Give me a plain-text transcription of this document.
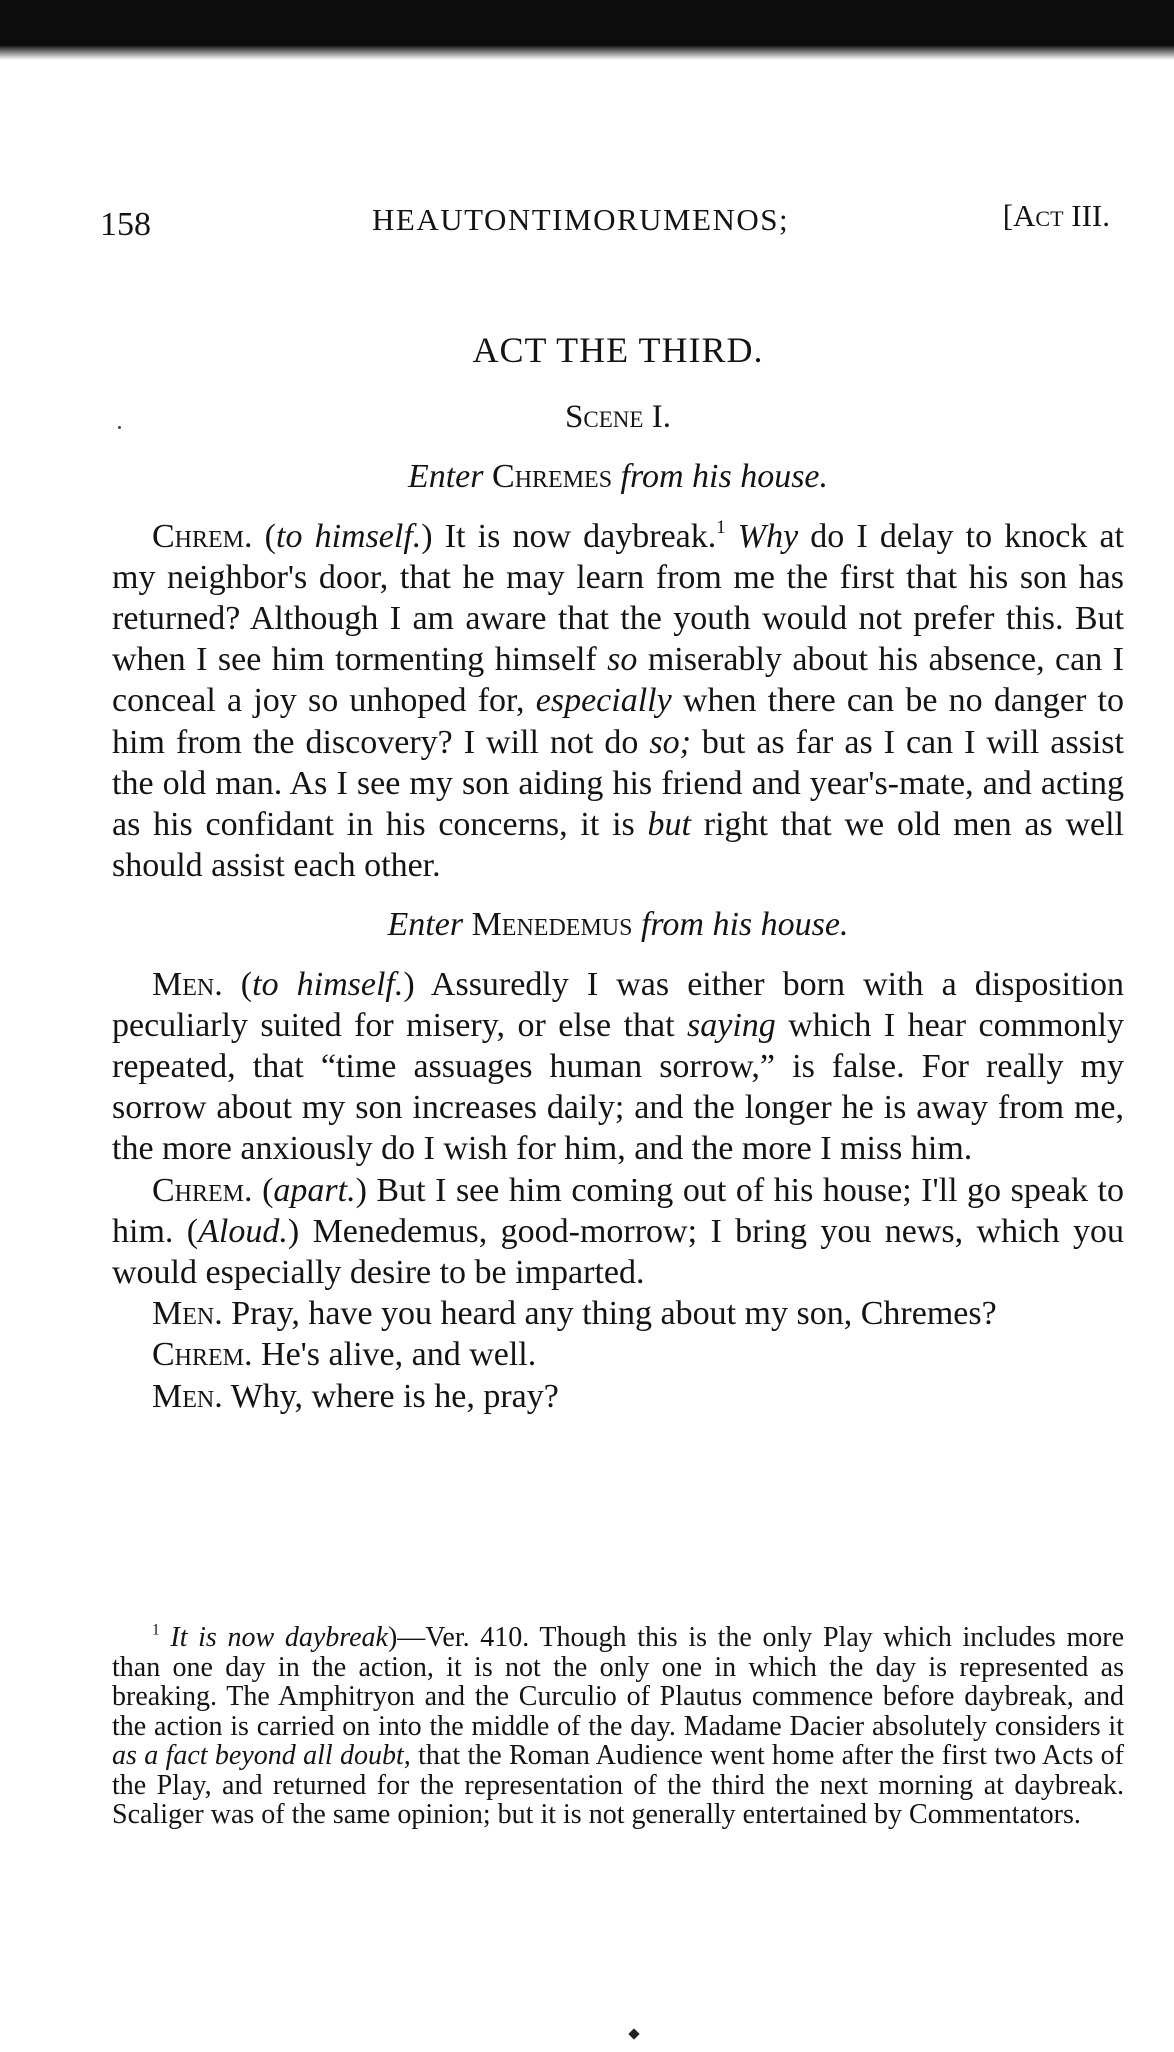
158	HEAUTONTIMORUMENOS;	[Act III.
ACT THE THIRD.
Scene I.
Enter Chremes from his house.

Chrem. (to himself.) It is now daybreak.$^1$ Why do I delay to knock at my neighbor's door, that he may learn from me the first that his son has returned? Although I am aware that the youth would not prefer this. But when I see him tormenting himself so miserably about his absence, can I conceal a joy so unhoped for, especially when there can be no danger to him from the discovery? I will not do so; but as far as I can I will assist the old man. As I see my son aiding his friend and year's-mate, and acting as his confidant in his concerns, it is but right that we old men as well should assist each other.

Enter Menedemus from his house.

Men. (to himself.) Assuredly I was either born with a disposition peculiarly suited for misery, or else that saying which I hear commonly repeated, that “time assuages human sorrow,” is false. For really my sorrow about my son increases daily; and the longer he is away from me, the more anxiously do I wish for him, and the more I miss him.

Chrem. (apart.) But I see him coming out of his house; I'll go speak to him. (Aloud.) Menedemus, good-morrow; I bring you news, which you would especially desire to be imparted.

Men. Pray, have you heard any thing about my son, Chremes?

Chrem. He's alive, and well.

Men. Why, where is he, pray?

$^1$ It is now daybreak)—Ver. 410. Though this is the only Play which includes more than one day in the action, it is not the only one in which the day is represented as breaking. The Amphitryon and the Curculio of Plautus commence before daybreak, and the action is carried on into the middle of the day. Madame Dacier absolutely considers it as a fact beyond all doubt, that the Roman Audience went home after the first two Acts of the Play, and returned for the representation of the third the next morning at daybreak. Scaliger was of the same opinion; but it is not generally entertained by Commentators.
